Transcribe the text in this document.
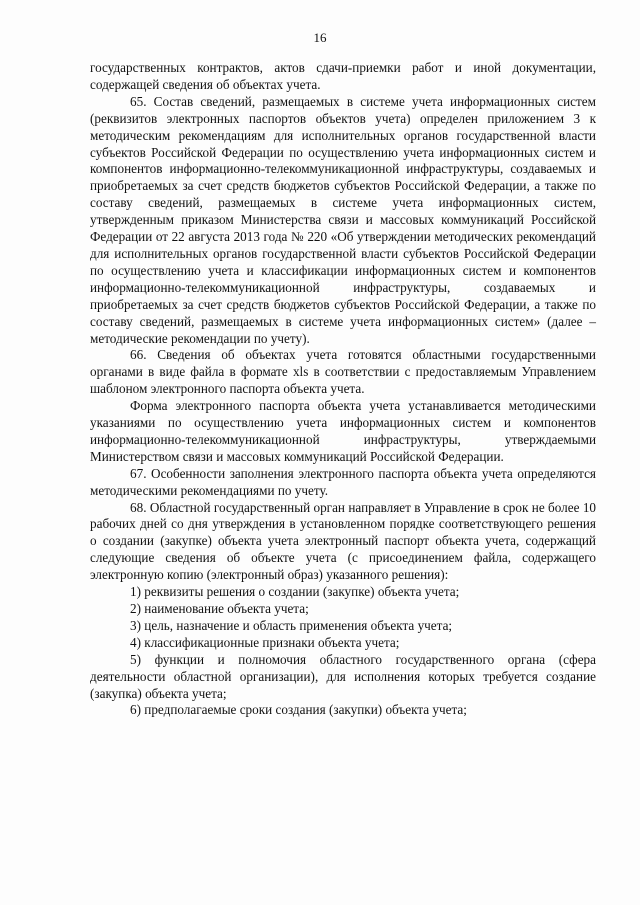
16

государственных контрактов, актов сдачи-приемки работ и иной документации, содержащей сведения об объектах учета.

65. Состав сведений, размещаемых в системе учета информационных систем (реквизитов электронных паспортов объектов учета) определен приложением 3 к методическим рекомендациям для исполнительных органов государственной власти субъектов Российской Федерации по осуществлению учета информационных систем и компонентов информационно-телекоммуникационной инфраструктуры, создаваемых и приобретаемых за счет средств бюджетов субъектов Российской Федерации, а также по составу сведений, размещаемых в системе учета информационных систем, утвержденным приказом Министерства связи и массовых коммуникаций Российской Федерации от 22 августа 2013 года № 220 «Об утверждении методических рекомендаций для исполнительных органов государственной власти субъектов Российской Федерации по осуществлению учета и классификации информационных систем и компонентов информационно-телекоммуникационной инфраструктуры, создаваемых и приобретаемых за счет средств бюджетов субъектов Российской Федерации, а также по составу сведений, размещаемых в системе учета информационных систем» (далее – методические рекомендации по учету).

66. Сведения об объектах учета готовятся областными государственными органами в виде файла в формате xls в соответствии с предоставляемым Управлением шаблоном электронного паспорта объекта учета.

Форма электронного паспорта объекта учета устанавливается методическими указаниями по осуществлению учета информационных систем и компонентов информационно-телекоммуникационной инфраструктуры, утверждаемыми Министерством связи и массовых коммуникаций Российской Федерации.

67. Особенности заполнения электронного паспорта объекта учета определяются методическими рекомендациями по учету.

68. Областной государственный орган направляет в Управление в срок не более 10 рабочих дней со дня утверждения в установленном порядке соответствующего решения о создании (закупке) объекта учета электронный паспорт объекта учета, содержащий следующие сведения об объекте учета (с присоединением файла, содержащего электронную копию (электронный образ) указанного решения):

1) реквизиты решения о создании (закупке) объекта учета;

2) наименование объекта учета;

3) цель, назначение и область применения объекта учета;

4) классификационные признаки объекта учета;

5) функции и полномочия областного государственного органа (сфера деятельности областной организации), для исполнения которых требуется создание (закупка) объекта учета;

6) предполагаемые сроки создания (закупки) объекта учета;
